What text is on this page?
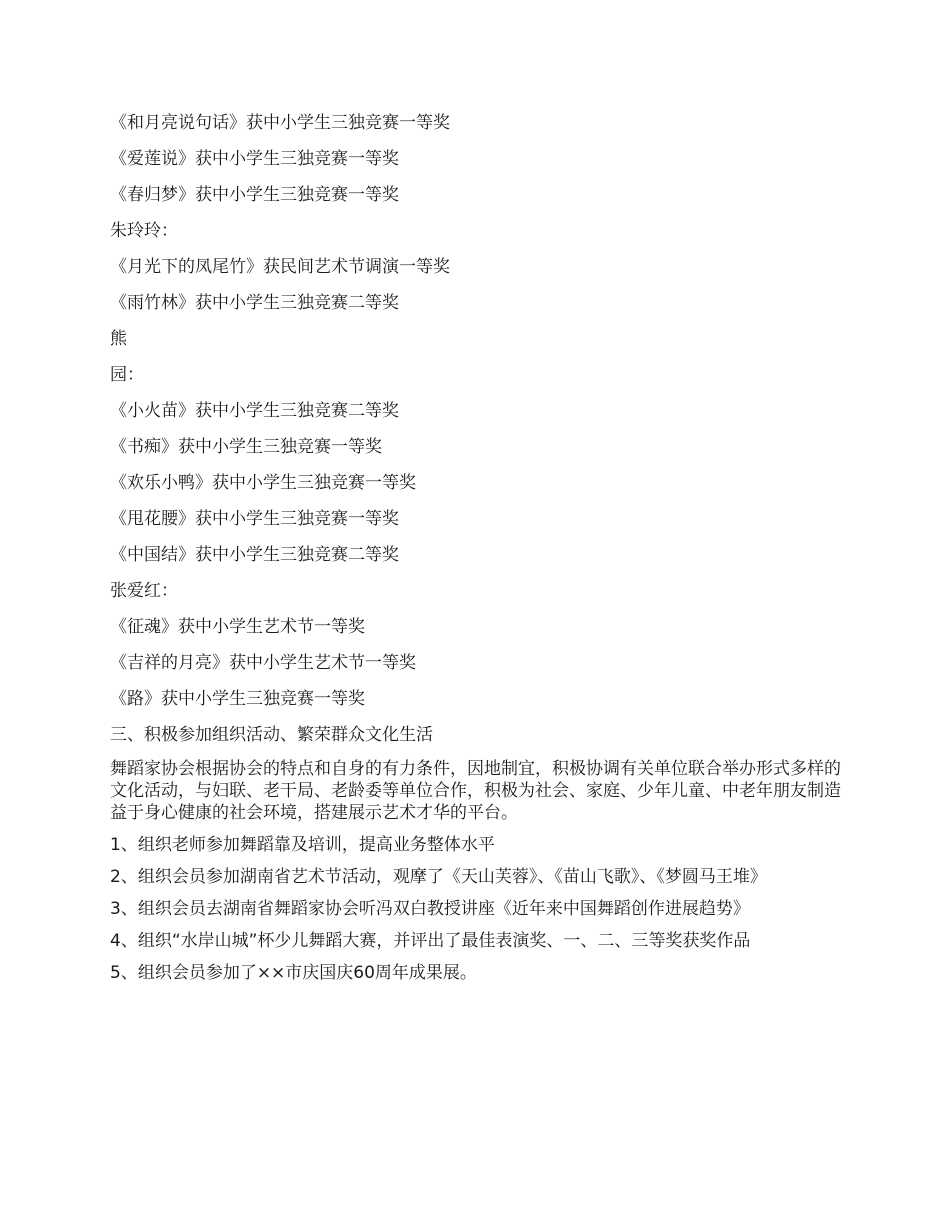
《和月亮说句话》获中小学生三独竞赛一等奖
《爱莲说》获中小学生三独竞赛一等奖
《春归梦》获中小学生三独竞赛一等奖
朱玲玲：
《月光下的凤尾竹》获民间艺术节调演一等奖
《雨竹林》获中小学生三独竞赛二等奖
熊
园：
《小火苗》获中小学生三独竞赛二等奖
《书痴》获中小学生三独竞赛一等奖
《欢乐小鸭》获中小学生三独竞赛一等奖
《甩花腰》获中小学生三独竞赛一等奖
《中国结》获中小学生三独竞赛二等奖
张爱红：
《征魂》获中小学生艺术节一等奖
《吉祥的月亮》获中小学生艺术节一等奖
《路》获中小学生三独竞赛一等奖
三、积极参加组织活动、繁荣群众文化生活
舞蹈家协会根据协会的特点和自身的有力条件，因地制宜，积极协调有关单位联合举办形式多样的文化活动，与妇联、老干局、老龄委等单位合作，积极为社会、家庭、少年儿童、中老年朋友制造益于身心健康的社会环境，搭建展示艺术才华的平台。
1、组织老师参加舞蹈靠及培训，提高业务整体水平
2、组织会员参加湖南省艺术节活动，观摩了《天山芙蓉》、《苗山飞歌》、《梦圆马王堆》
3、组织会员去湖南省舞蹈家协会听冯双白教授讲座《近年来中国舞蹈创作进展趋势》
4、组织“水岸山城”杯少儿舞蹈大赛，并评出了最佳表演奖、一、二、三等奖获奖作品
5、组织会员参加了××市庆国庆60周年成果展。
